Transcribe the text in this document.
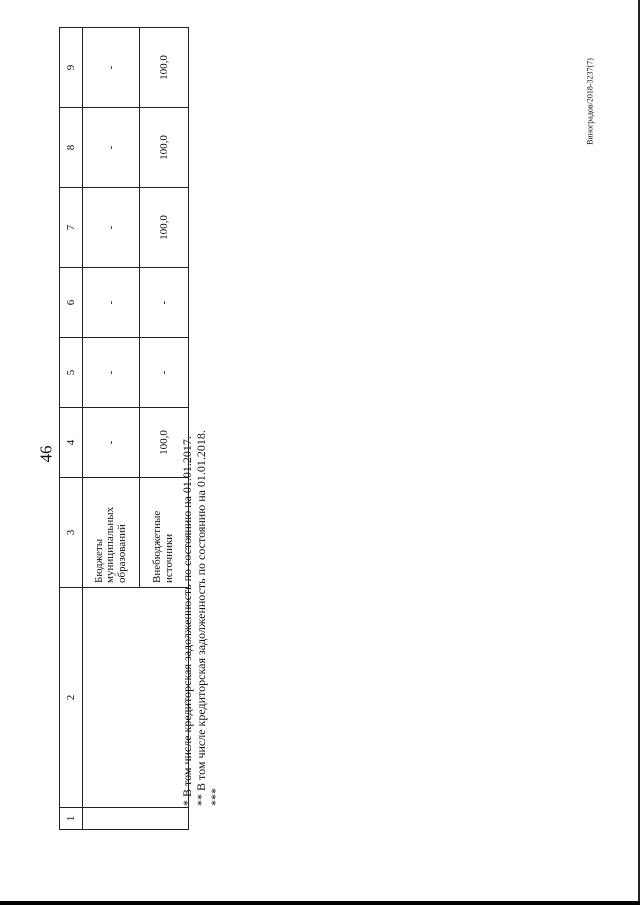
46
Виноградов/2018-3237(7)
1	2	3	4	5	6	7	8	9
		Бюджеты муниципальных образований	-	-	-	-	-	-
		Внебюджетные источники	100,0	-	-	100,0	100,0	100,0
* В том числе кредиторская задолженность по состоянию на 01.01.2017. ** В том числе кредиторская задолженность по состоянию на 01.01.2018. ***
